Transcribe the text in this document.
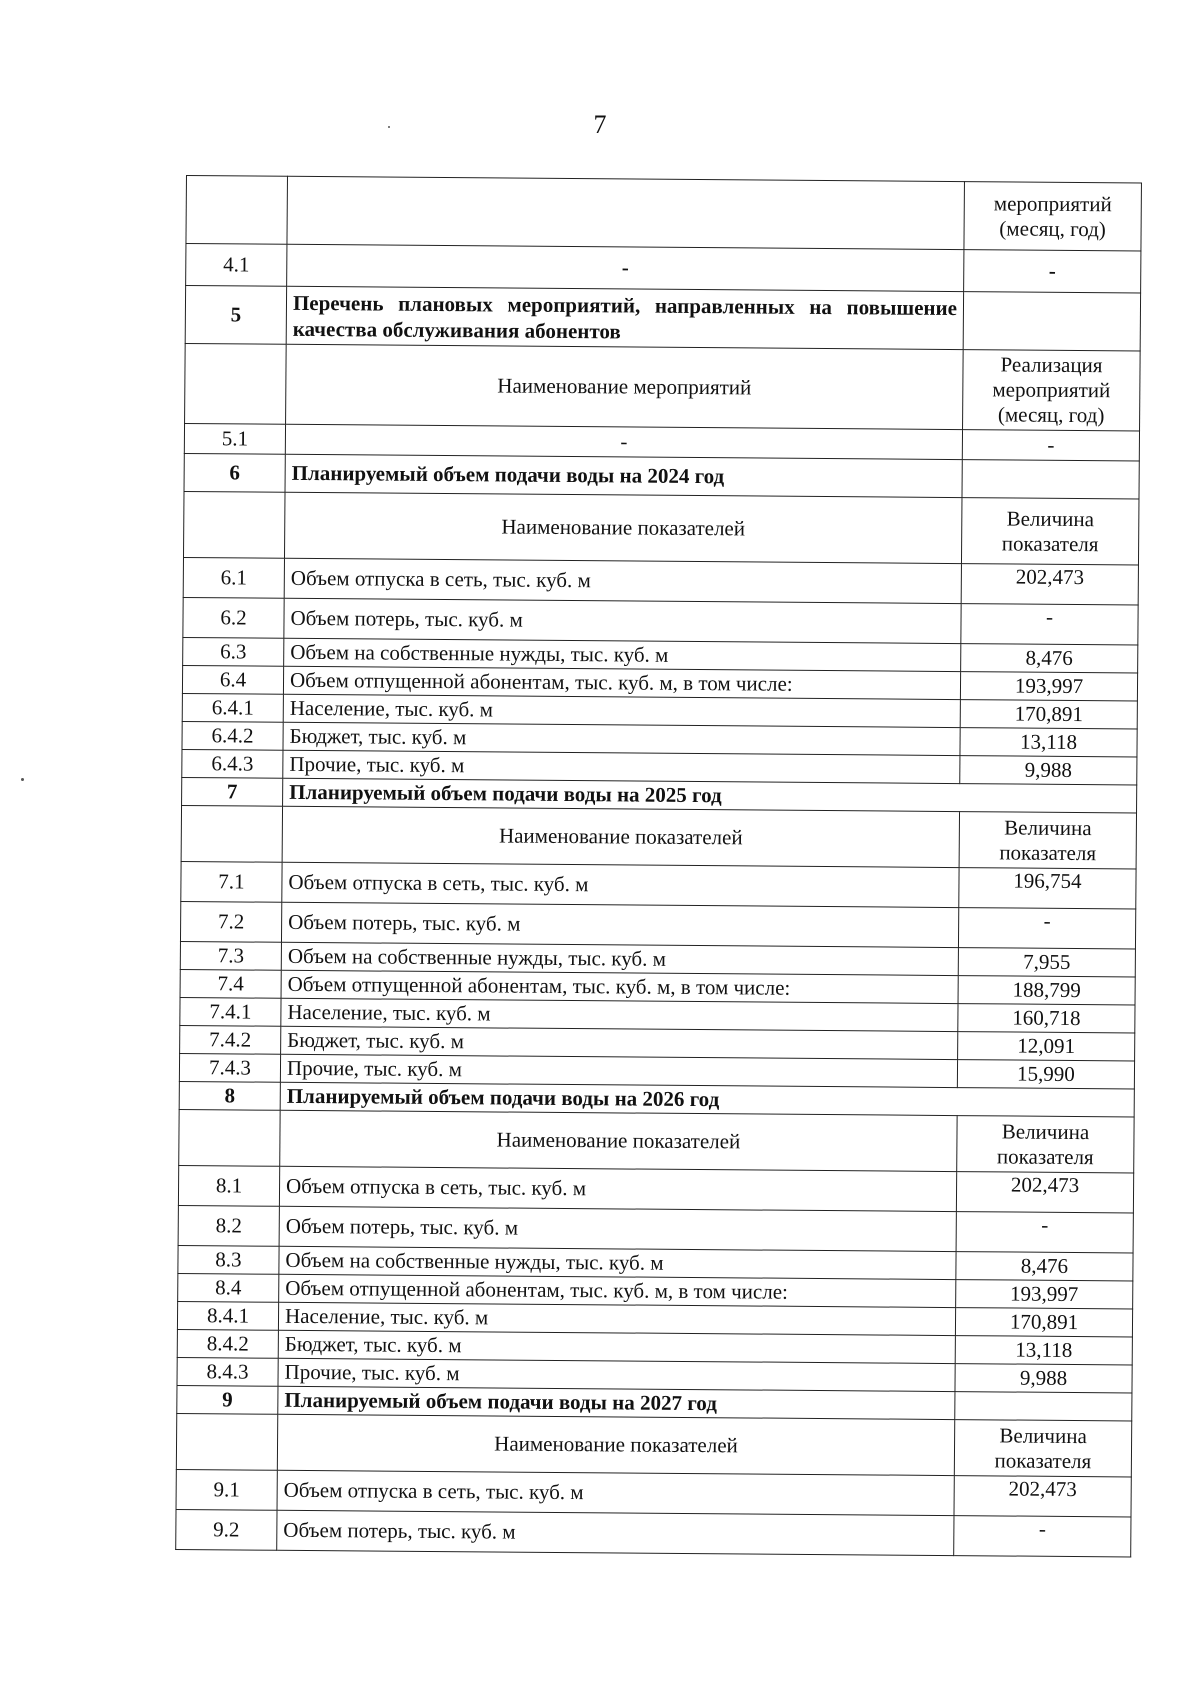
7

		мероприятий
(месяц, год)

4.1	-	-
5	Перечень плановых мероприятий, направленных на повышение качества обслуживания абонентов	
	Наименование мероприятий	Реализация
мероприятий
(месяц, год)

5.1	-	-
6	Планируемый объем подачи воды на 2024 год	
	Наименование показателей	Величина
показателя

6.1	Объем отпуска в сеть, тыс. куб. м	202,473
6.2	Объем потерь, тыс. куб. м	-
6.3	Объем на собственные нужды, тыс. куб. м	8,476
6.4	Объем отпущенной абонентам, тыс. куб. м, в том числе:	193,997
6.4.1	Население, тыс. куб. м	170,891
6.4.2	Бюджет, тыс. куб. м	13,118
6.4.3	Прочие, тыс. куб. м	9,988
7	Планируемый объем подачи воды на 2025 год	
	Наименование показателей	Величина
показателя

7.1	Объем отпуска в сеть, тыс. куб. м	196,754
7.2	Объем потерь, тыс. куб. м	-
7.3	Объем на собственные нужды, тыс. куб. м	7,955
7.4	Объем отпущенной абонентам, тыс. куб. м, в том числе:	188,799
7.4.1	Население, тыс. куб. м	160,718
7.4.2	Бюджет, тыс. куб. м	12,091
7.4.3	Прочие, тыс. куб. м	15,990
8	Планируемый объем подачи воды на 2026 год	
	Наименование показателей	Величина
показателя

8.1	Объем отпуска в сеть, тыс. куб. м	202,473
8.2	Объем потерь, тыс. куб. м	-
8.3	Объем на собственные нужды, тыс. куб. м	8,476
8.4	Объем отпущенной абонентам, тыс. куб. м, в том числе:	193,997
8.4.1	Население, тыс. куб. м	170,891
8.4.2	Бюджет, тыс. куб. м	13,118
8.4.3	Прочие, тыс. куб. м	9,988
9	Планируемый объем подачи воды на 2027 год	
	Наименование показателей	Величина
показателя

9.1	Объем отпуска в сеть, тыс. куб. м	202,473
9.2	Объем потерь, тыс. куб. м	-
